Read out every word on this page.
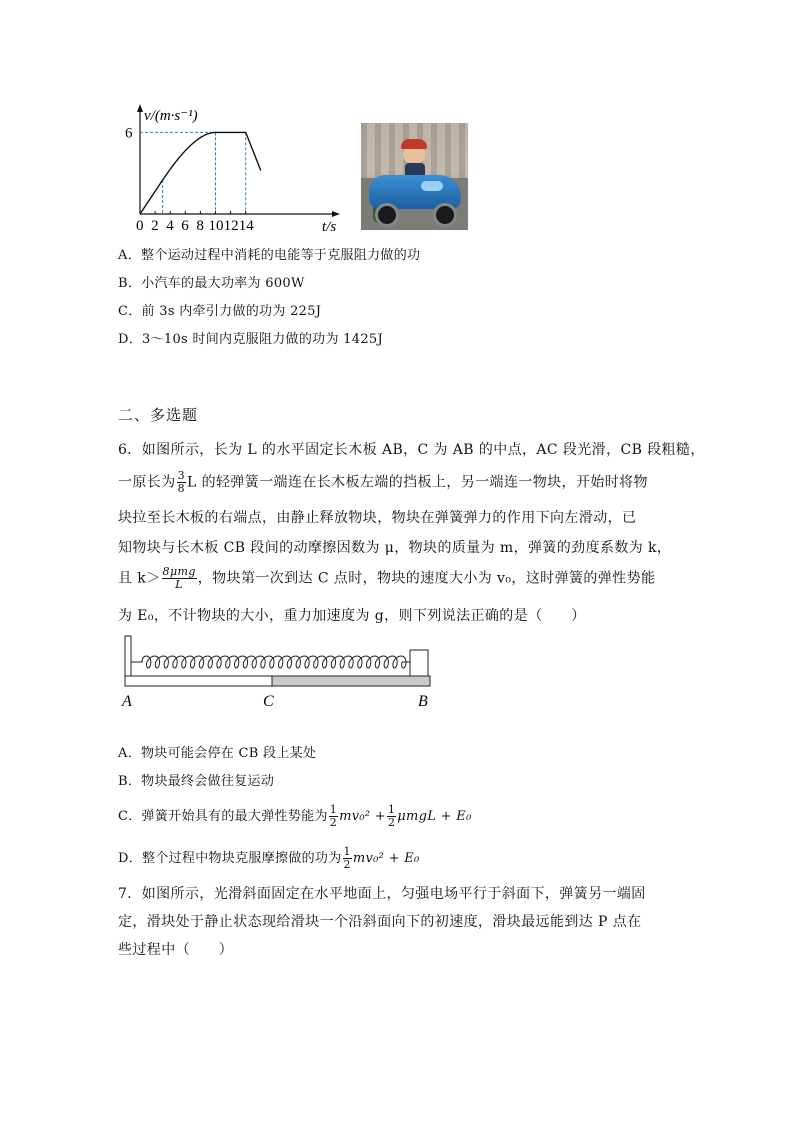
0 2 4 6 8 10 12 14
6
v/(m·s⁻¹)
t/s
A．整个运动过程中消耗的电能等于克服阻力做的功
B．小汽车的最大功率为 600W
C．前 3s 内牵引力做的功为 225J
D．3～10s 时间内克服阻力做的功为 1425J
二、多选题
6．如图所示，长为 L 的水平固定长木板 AB，C 为 AB 的中点，AC 段光滑，CB 段粗糙，
一原长为 $\frac{3}{8}$ L 的轻弹簧一端连在长木板左端的挡板上，另一端连一物块，开始时将物
块拉至长木板的右端点，由静止释放物块，物块在弹簧弹力的作用下向左滑动，已
知物块与长木板 CB 段间的动摩擦因数为 μ，物块的质量为 m，弹簧的劲度系数为 k，
且 $k> \frac{\text{8μmg}}{L}$ ，物块第一次到达 C 点时，物块的速度大小为 v₀，这时弹簧的弹性势能
为 E₀，不计物块的大小，重力加速度为 g，则下列说法正确的是（　　）
A	C	B
A．物块可能会停在 CB 段上某处
B．物块最终会做往复运动
C．弹簧开始具有的最大弹性势能为 $\frac{1}{2} mv_0^2 + \frac{1}{2}$ μmgL + E₀
D．整个过程中物块克服摩擦做的功为 $\frac{1}{2} mv_0^2 + E_0$
7．如图所示，光滑斜面固定在水平地面上，匀强电场平行于斜面下，弹簧另一端固
定，滑块处于静止状态现给滑块一个沿斜面向下的初速度，滑块最远能到达 P 点在
些过程中（　　）
